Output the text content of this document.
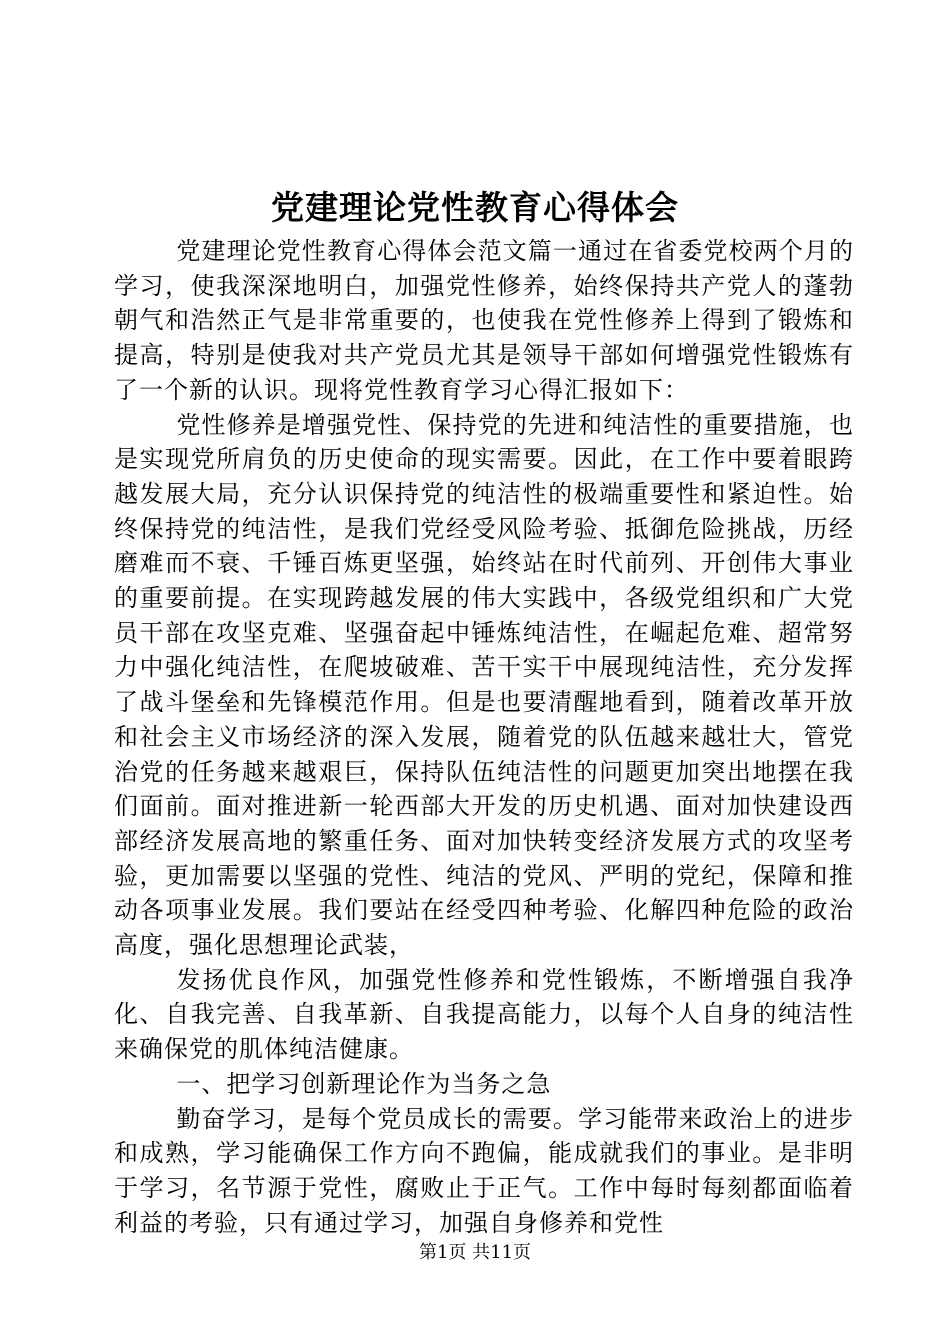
党建理论党性教育心得体会

党建理论党性教育心得体会范文篇一通过在省委党校两个月的学习，使我深深地明白，加强党性修养，始终保持共产党人的蓬勃朝气和浩然正气是非常重要的，也使我在党性修养上得到了锻炼和提高，特别是使我对共产党员尤其是领导干部如何增强党性锻炼有了一个新的认识。现将党性教育学习心得汇报如下：

党性修养是增强党性、保持党的先进和纯洁性的重要措施，也是实现党所肩负的历史使命的现实需要。因此，在工作中要着眼跨越发展大局，充分认识保持党的纯洁性的极端重要性和紧迫性。始终保持党的纯洁性，是我们党经受风险考验、抵御危险挑战，历经磨难而不衰、千锤百炼更坚强，始终站在时代前列、开创伟大事业的重要前提。在实现跨越发展的伟大实践中，各级党组织和广大党员干部在攻坚克难、坚强奋起中锤炼纯洁性，在崛起危难、超常努力中强化纯洁性，在爬坡破难、苦干实干中展现纯洁性，充分发挥了战斗堡垒和先锋模范作用。但是也要清醒地看到，随着改革开放和社会主义市场经济的深入发展，随着党的队伍越来越壮大，管党治党的任务越来越艰巨，保持队伍纯洁性的问题更加突出地摆在我们面前。面对推进新一轮西部大开发的历史机遇、面对加快建设西部经济发展高地的繁重任务、面对加快转变经济发展方式的攻坚考验，更加需要以坚强的党性、纯洁的党风、严明的党纪，保障和推动各项事业发展。我们要站在经受四种考验、化解四种危险的政治高度，强化思想理论武装，

发扬优良作风，加强党性修养和党性锻炼，不断增强自我净化、自我完善、自我革新、自我提高能力，以每个人自身的纯洁性来确保党的肌体纯洁健康。

一、把学习创新理论作为当务之急

勤奋学习，是每个党员成长的需要。学习能带来政治上的进步和成熟，学习能确保工作方向不跑偏，能成就我们的事业。是非明于学习，名节源于党性，腐败止于正气。工作中每时每刻都面临着利益的考验，只有通过学习，加强自身修养和党性

第1页 共11页
